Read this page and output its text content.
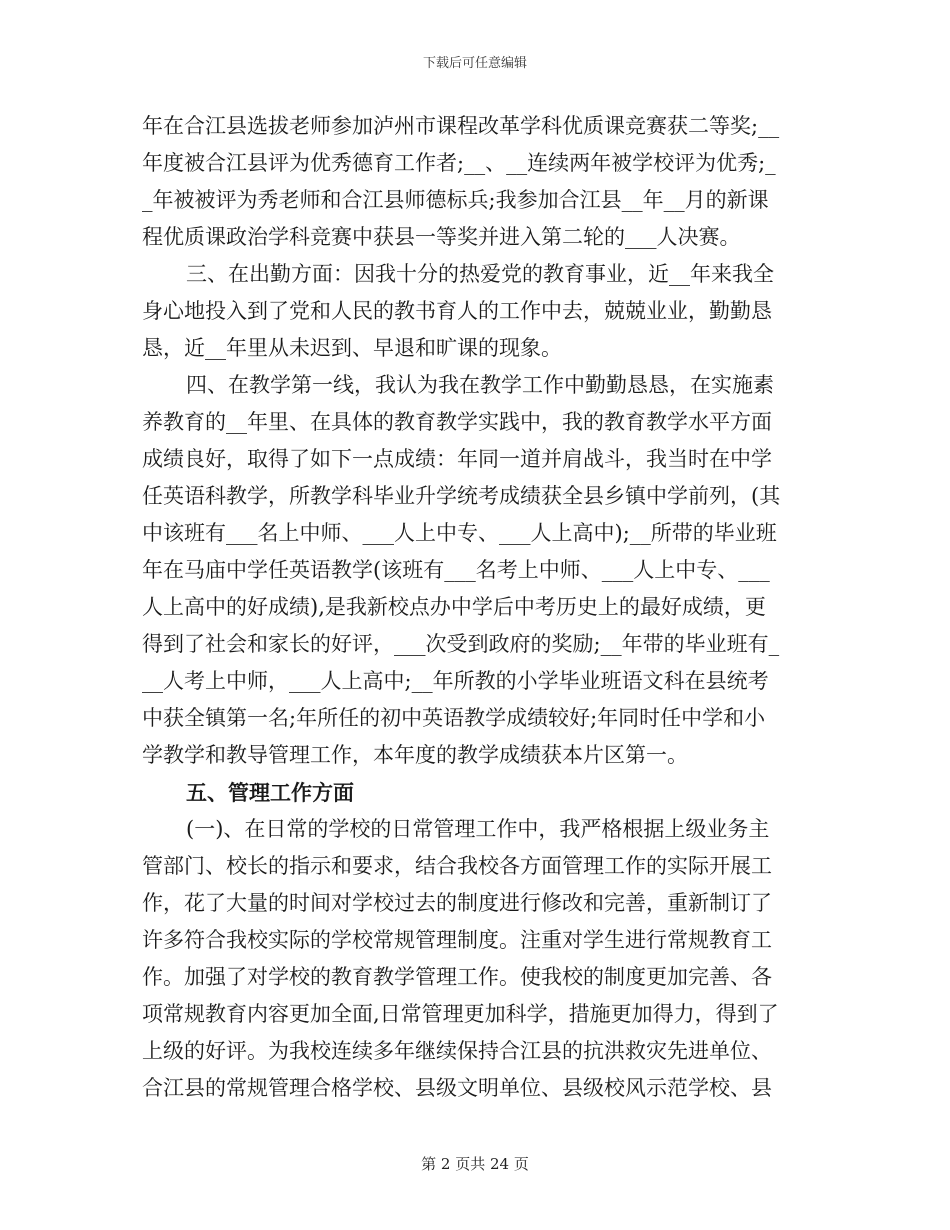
下载后可任意编辑
年在合江县选拔老师参加泸州市课程改革学科优质课竞赛获二等奖;__
年度被合江县评为优秀德育工作者;__、__连续两年被学校评为优秀;_
_年被被评为秀老师和合江县师德标兵;我参加合江县__年__月的新课
程优质课政治学科竞赛中获县一等奖并进入第二轮的___人决赛。
三、在出勤方面：因我十分的热爱党的教育事业，近__年来我全
身心地投入到了党和人民的教书育人的工作中去，兢兢业业，勤勤恳
恳，近__年里从未迟到、早退和旷课的现象。
四、在教学第一线，我认为我在教学工作中勤勤恳恳，在实施素
养教育的__年里、在具体的教育教学实践中，我的教育教学水平方面
成绩良好，取得了如下一点成绩：年同一道并肩战斗，我当时在中学
任英语科教学，所教学科毕业升学统考成绩获全县乡镇中学前列，(其
中该班有___名上中师、___人上中专、___人上高中);__所带的毕业班
年在马庙中学任英语教学(该班有___名考上中师、___人上中专、___
人上高中的好成绩),是我新校点办中学后中考历史上的最好成绩，更
得到了社会和家长的好评，___次受到政府的奖励;__年带的毕业班有_
__人考上中师，___人上高中;__年所教的小学毕业班语文科在县统考
中获全镇第一名;年所任的初中英语教学成绩较好;年同时任中学和小
学教学和教导管理工作，本年度的教学成绩获本片区第一。
五、管理工作方面
(一)、在日常的学校的日常管理工作中，我严格根据上级业务主
管部门、校长的指示和要求，结合我校各方面管理工作的实际开展工
作，花了大量的时间对学校过去的制度进行修改和完善，重新制订了
许多符合我校实际的学校常规管理制度。注重对学生进行常规教育工
作。加强了对学校的教育教学管理工作。使我校的制度更加完善、各
项常规教育内容更加全面,日常管理更加科学，措施更加得力，得到了
上级的好评。为我校连续多年继续保持合江县的抗洪救灾先进单位、
合江县的常规管理合格学校、县级文明单位、县级校风示范学校、县
第 2 页共 24 页
